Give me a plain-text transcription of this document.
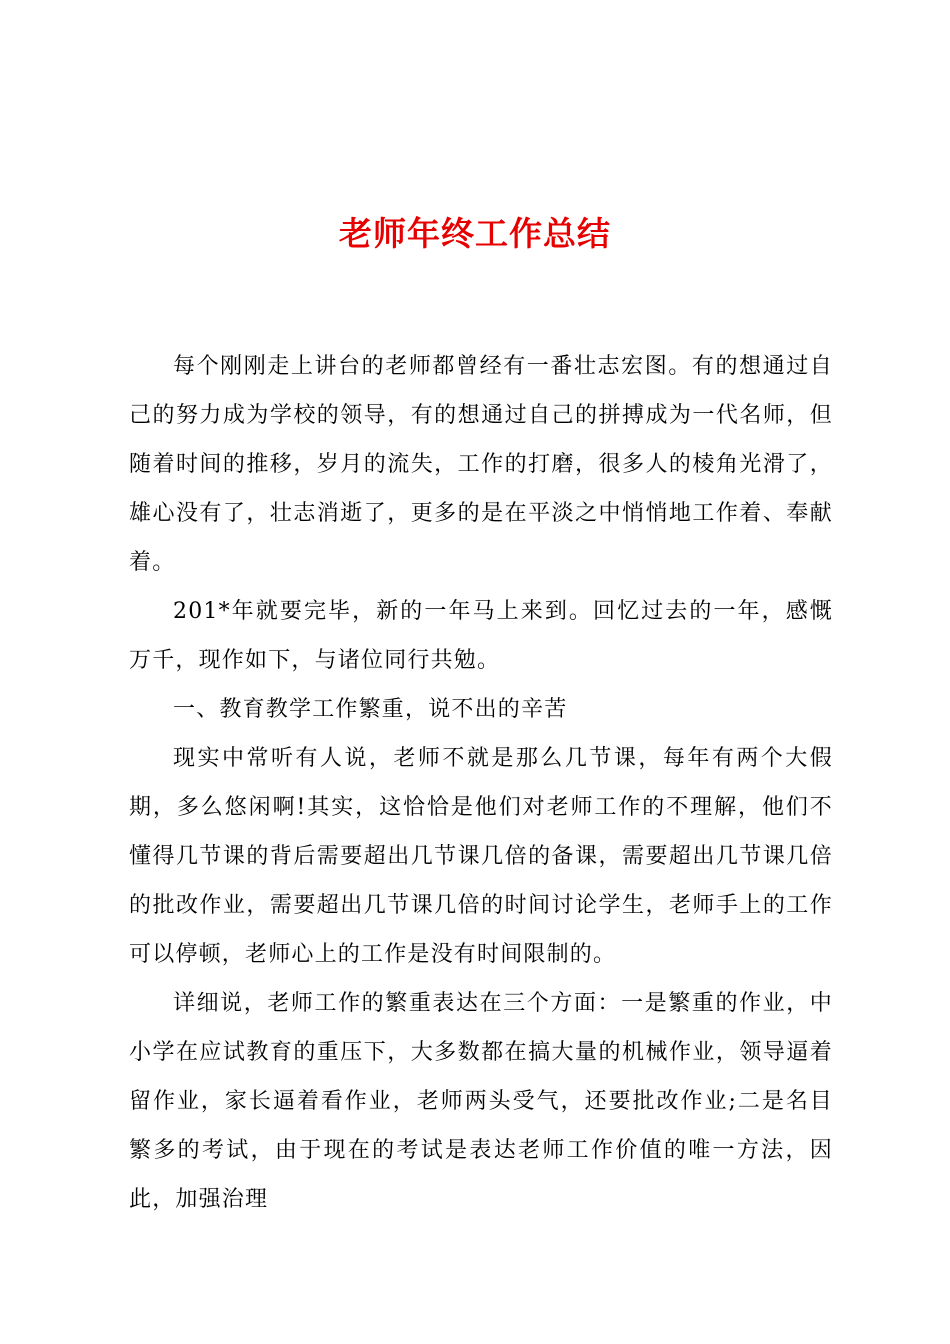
老师年终工作总结

每个刚刚走上讲台的老师都曾经有一番壮志宏图。有的想通过自己的努力成为学校的领导，有的想通过自己的拼搏成为一代名师，但随着时间的推移，岁月的流失，工作的打磨，很多人的棱角光滑了，雄心没有了，壮志消逝了，更多的是在平淡之中悄悄地工作着、奉献着。

201*年就要完毕，新的一年马上来到。回忆过去的一年，感慨万千，现作如下，与诸位同行共勉。

一、教育教学工作繁重，说不出的辛苦

现实中常听有人说，老师不就是那么几节课，每年有两个大假期，多么悠闲啊!其实，这恰恰是他们对老师工作的不理解，他们不懂得几节课的背后需要超出几节课几倍的备课，需要超出几节课几倍的批改作业，需要超出几节课几倍的时间讨论学生，老师手上的工作可以停顿，老师心上的工作是没有时间限制的。

详细说，老师工作的繁重表达在三个方面：一是繁重的作业，中小学在应试教育的重压下，大多数都在搞大量的机械作业，领导逼着留作业，家长逼着看作业，老师两头受气，还要批改作业;二是名目繁多的考试，由于现在的考试是表达老师工作价值的唯一方法，因此，加强治理
